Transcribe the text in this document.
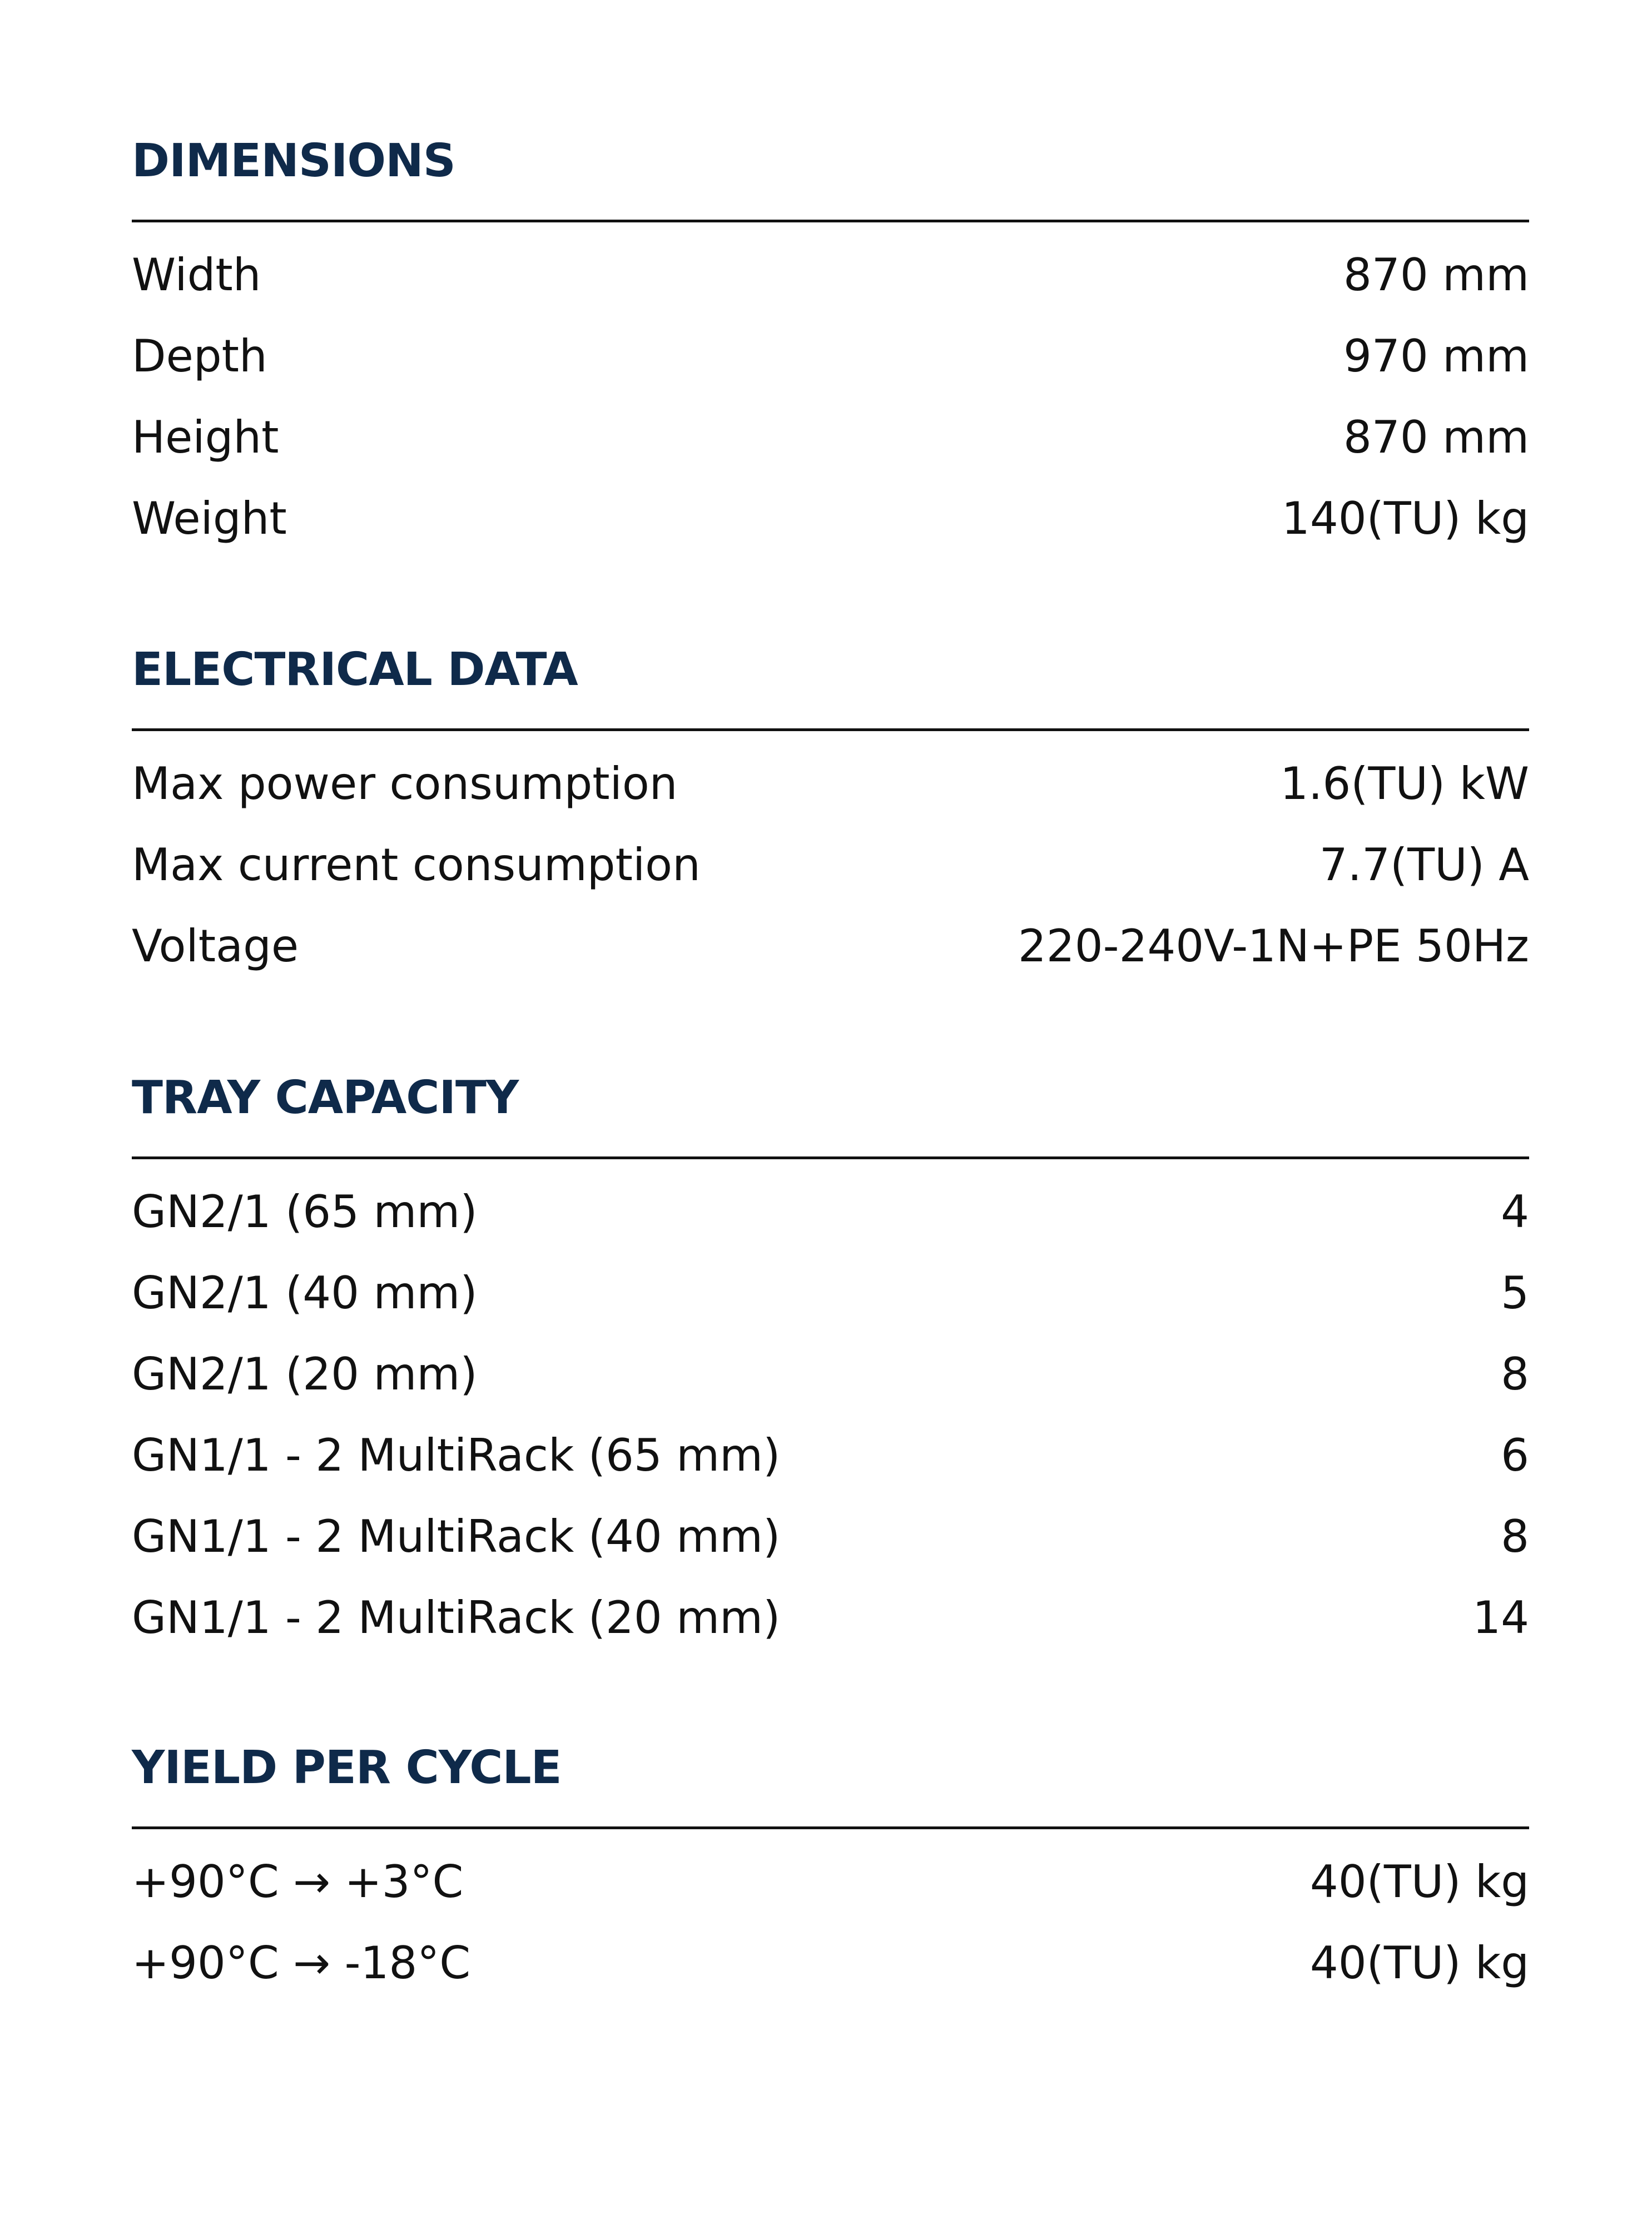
DIMENSIONS
Width	870 mm
Depth	970 mm
Height	870 mm
Weight	140(TU) kg
ELECTRICAL DATA
Max power consumption	1.6(TU) kW
Max current consumption	7.7(TU) A
Voltage	220-240V-1N+PE 50Hz
TRAY CAPACITY
GN2/1 (65 mm)	4
GN2/1 (40 mm)	5
GN2/1 (20 mm)	8
GN1/1 - 2 MultiRack (65 mm)	6
GN1/1 - 2 MultiRack (40 mm)	8
GN1/1 - 2 MultiRack (20 mm)	14
YIELD PER CYCLE
+90°C → +3°C	40(TU) kg
+90°C → -18°C	40(TU) kg
